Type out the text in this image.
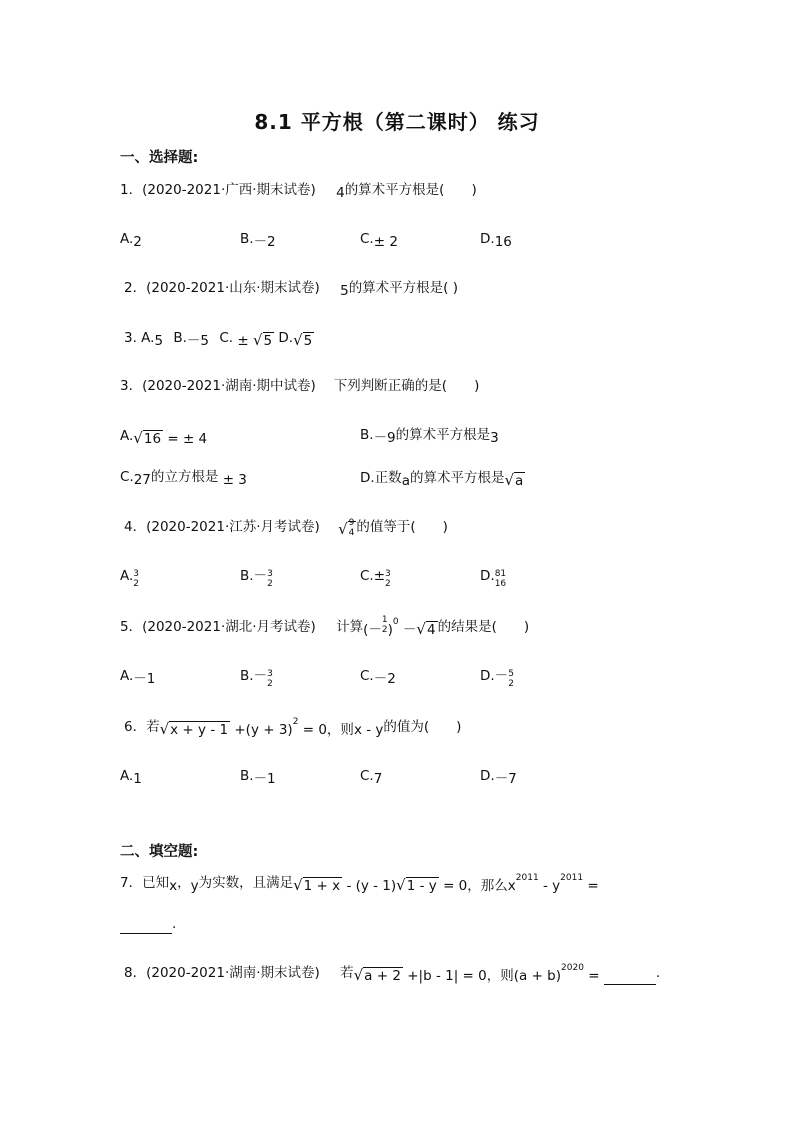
8.1 平方根（第二课时） 练习
一、选择题:
1．(2020-2021·广西·期末试卷) 4的算术平方根是(　　)
A.2	B.－2	C.± 2	D.16
2．(2020-2021·山东·期末试卷) 5的算术平方根是( )
3. A.5 B.－5 C. ± √5 D.√5
3．(2020-2021·湖南·期中试卷) 下列判断正确的是(　　)
A.√16 = ± 4	B.－9的算术平方根是3
C.27的立方根是 ± 3	D.正数a的算术平方根是√a
4．(2020-2021·江苏·月考试卷) √ 9
4 的值等于(　　)
A. 3
2	B.－ 3
2	C.± 3
2	D. 81
16
5．(2020-2021·湖北·月考试卷) 计算(－
1
2 )$^0$ －√4 的结果是(　　)
A.－1	B.－ 3
2	C.－2	D.－ 5
2
6．若$√x + y - 1 +(y + 3)^2 = 0$，则x - y的值为(　　)
A.1	B.－1	C.7	D.－7
二、填空题:
7．已知x，y为实数，且满足√1 + x - (y - 1)√1 - y = 0，那么$x^{2011} - y^{2011}$ =
.
8．(2020-2021·湖南·期末试卷) 若√a + 2 +|b - 1| = 0，则$(a + b)^{2020}$ =	.
